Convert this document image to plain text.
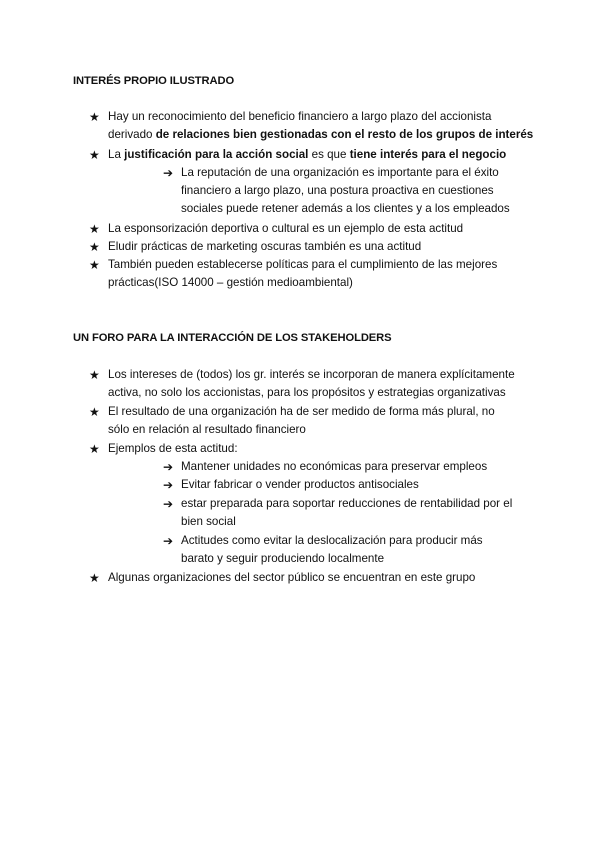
INTERÉS PROPIO ILUSTRADO
★ Hay un reconocimiento del beneficio financiero a largo plazo del accionista
derivado de relaciones bien gestionadas con el resto de los grupos de interés
★ La justificación para la acción social es que tiene interés para el negocio
➔ La reputación de una organización es importante para el éxito
financiero a largo plazo, una postura proactiva en cuestiones
sociales puede retener además a los clientes y a los empleados
★ La esponsorización deportiva o cultural es un ejemplo de esta actitud
★ Eludir prácticas de marketing oscuras también es una actitud
★ También pueden establecerse políticas para el cumplimiento de las mejores
prácticas(ISO 14000 – gestión medioambiental)
UN FORO PARA LA INTERACCIÓN DE LOS STAKEHOLDERS
★ Los intereses de (todos) los gr. interés se incorporan de manera explícitamente
activa, no solo los accionistas, para los propósitos y estrategias organizativas
★ El resultado de una organización ha de ser medido de forma más plural, no
sólo en relación al resultado financiero
★ Ejemplos de esta actitud:
➔ Mantener unidades no económicas para preservar empleos
➔ Evitar fabricar o vender productos antisociales
➔ estar preparada para soportar reducciones de rentabilidad por el
bien social
➔ Actitudes como evitar la deslocalización para producir más
barato y seguir produciendo localmente
★ Algunas organizaciones del sector público se encuentran en este grupo
